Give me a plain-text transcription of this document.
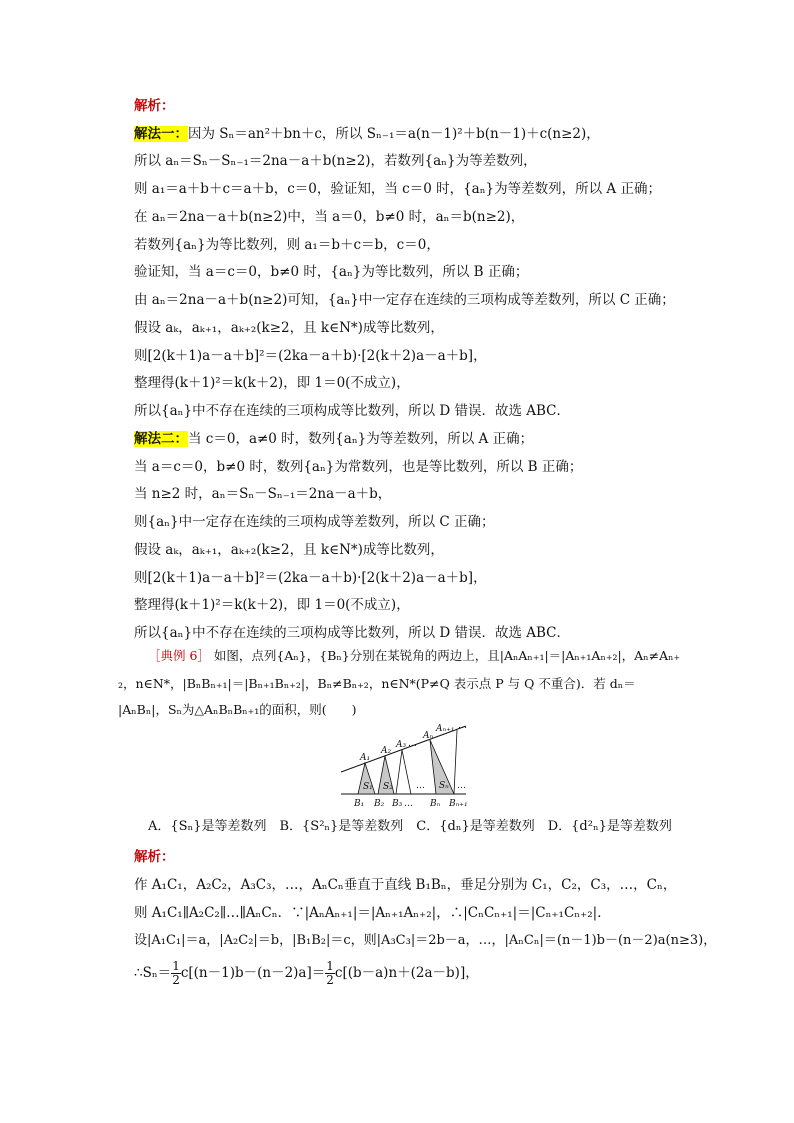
解析：
解法一：因为 Sₙ＝an²＋bn＋c，所以 Sₙ₋₁＝a(n－1)²＋b(n－1)＋c(n≥2)，
所以 aₙ＝Sₙ－Sₙ₋₁＝2na－a＋b(n≥2)，若数列{aₙ}为等差数列，
则 a₁＝a＋b＋c＝a＋b，c＝0，验证知，当 c＝0 时，{aₙ}为等差数列，所以 A 正确；
在 aₙ＝2na－a＋b(n≥2)中，当 a＝0，b≠0 时，aₙ＝b(n≥2)，
若数列{aₙ}为等比数列，则 a₁＝b＋c＝b，c＝0，
验证知，当 a＝c＝0，b≠0 时，{aₙ}为等比数列，所以 B 正确；
由 aₙ＝2na－a＋b(n≥2)可知，{aₙ}中一定存在连续的三项构成等差数列，所以 C 正确；
假设 aₖ，aₖ₊₁，aₖ₊₂(k≥2，且 k∈N*)成等比数列，
则[2(k＋1)a－a＋b]²＝(2ka－a＋b)·[2(k＋2)a－a＋b]，
整理得(k＋1)²＝k(k＋2)，即 1＝0(不成立)，
所以{aₙ}中不存在连续的三项构成等比数列，所以 D 错误．故选 ABC．
解法二：当 c＝0，a≠0 时，数列{aₙ}为等差数列，所以 A 正确；
当 a＝c＝0，b≠0 时，数列{aₙ}为常数列，也是等比数列，所以 B 正确；
当 n≥2 时，aₙ＝Sₙ－Sₙ₋₁＝2na－a＋b，
则{aₙ}中一定存在连续的三项构成等差数列，所以 C 正确；
假设 aₖ，aₖ₊₁，aₖ₊₂(k≥2，且 k∈N*)成等比数列，
则[2(k＋1)a－a＋b]²＝(2ka－a＋b)·[2(k＋2)a－a＋b]，
整理得(k＋1)²＝k(k＋2)，即 1＝0(不成立)，
所以{aₙ}中不存在连续的三项构成等比数列，所以 D 错误．故选 ABC．
［典例 6］ 如图，点列{Aₙ}，{Bₙ}分别在某锐角的两边上，且|AₙAₙ₊₁|＝|Aₙ₊₁Aₙ₊₂|，Aₙ≠Aₙ₊
₂，n∈N*，|BₙBₙ₊₁|＝|Bₙ₊₁Bₙ₊₂|，Bₙ≠Bₙ₊₂，n∈N*(P≠Q 表示点 P 与 Q 不重合)．若 dₙ＝
|AₙBₙ|，Sₙ为△AₙBₙBₙ₊₁的面积，则(　　)
A₁
A₂
A₃ …
Aₙ
Aₙ₊₁ …
S₁ S₂	… Sₙ …
B₁ B₂ B₃ … Bₙ Bₙ₊₁
A．{Sₙ}是等差数列　B．{S²ₙ}是等差数列　C．{dₙ}是等差数列　D．{d²ₙ}是等差数列
解析：
作 A₁C₁，A₂C₂，A₃C₃，…，AₙCₙ垂直于直线 B₁Bₙ，垂足分别为 C₁，C₂，C₃，…，Cₙ，
则 A₁C₁∥A₂C₂∥…∥AₙCₙ．∵|AₙAₙ₊₁|＝|Aₙ₊₁Aₙ₊₂|，∴|CₙCₙ₊₁|＝|Cₙ₊₁Cₙ₊₂|．
设|A₁C₁|＝a，|A₂C₂|＝b，|B₁B₂|＝c，则|A₃C₃|＝2b－a，…，|AₙCₙ|＝(n－1)b－(n－2)a(n≥3)，
∴Sₙ＝ $\frac{1}{2} c[(n-1)b-(n-2)a]= \frac{1}{2} c[(b-a)n+(2a-b)]$，
